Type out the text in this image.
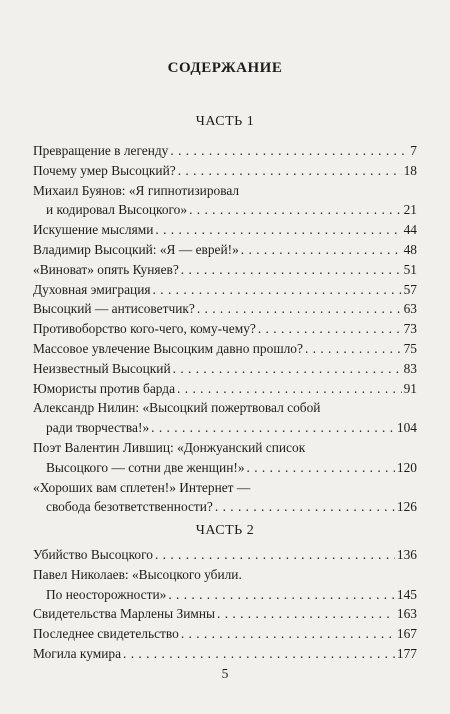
СОДЕРЖАНИЕ
ЧАСТЬ 1
Превращение в легенду . . .	7
Почему умер Высоцкий? . . .	18
Михаил Буянов: «Я гипнотизировал
и кодировал Высоцкого» . . .	21
Искушение мыслями . . .	44
Владимир Высоцкий: «Я — еврей!» . . .	48
«Виноват» опять Куняев? . . .	51
Духовная эмиграция . . .	57
Высоцкий — антисоветчик? . . .	63
Противоборство кого-чего, кому-чему? . . .	73
Массовое увлечение Высоцким давно прошло? . . .	75
Неизвестный Высоцкий . . .	83
Юмористы против барда . . .	91
Александр Нилин: «Высоцкий пожертвовал собой
ради творчества!» . . .	104
Поэт Валентин Лившиц: «Донжуанский список
Высоцкого — сотни две женщин!» . . .	120
«Хороших вам сплетен!» Интернет —
свобода безответственности? . . .	126
ЧАСТЬ 2
Убийство Высоцкого . . .	136
Павел Николаев: «Высоцкого убили.
По неосторожности» . . .	145
Свидетельства Марлены Зимны . . .	163
Последнее свидетельство . . .	167
Могила кумира . . .	177
5
